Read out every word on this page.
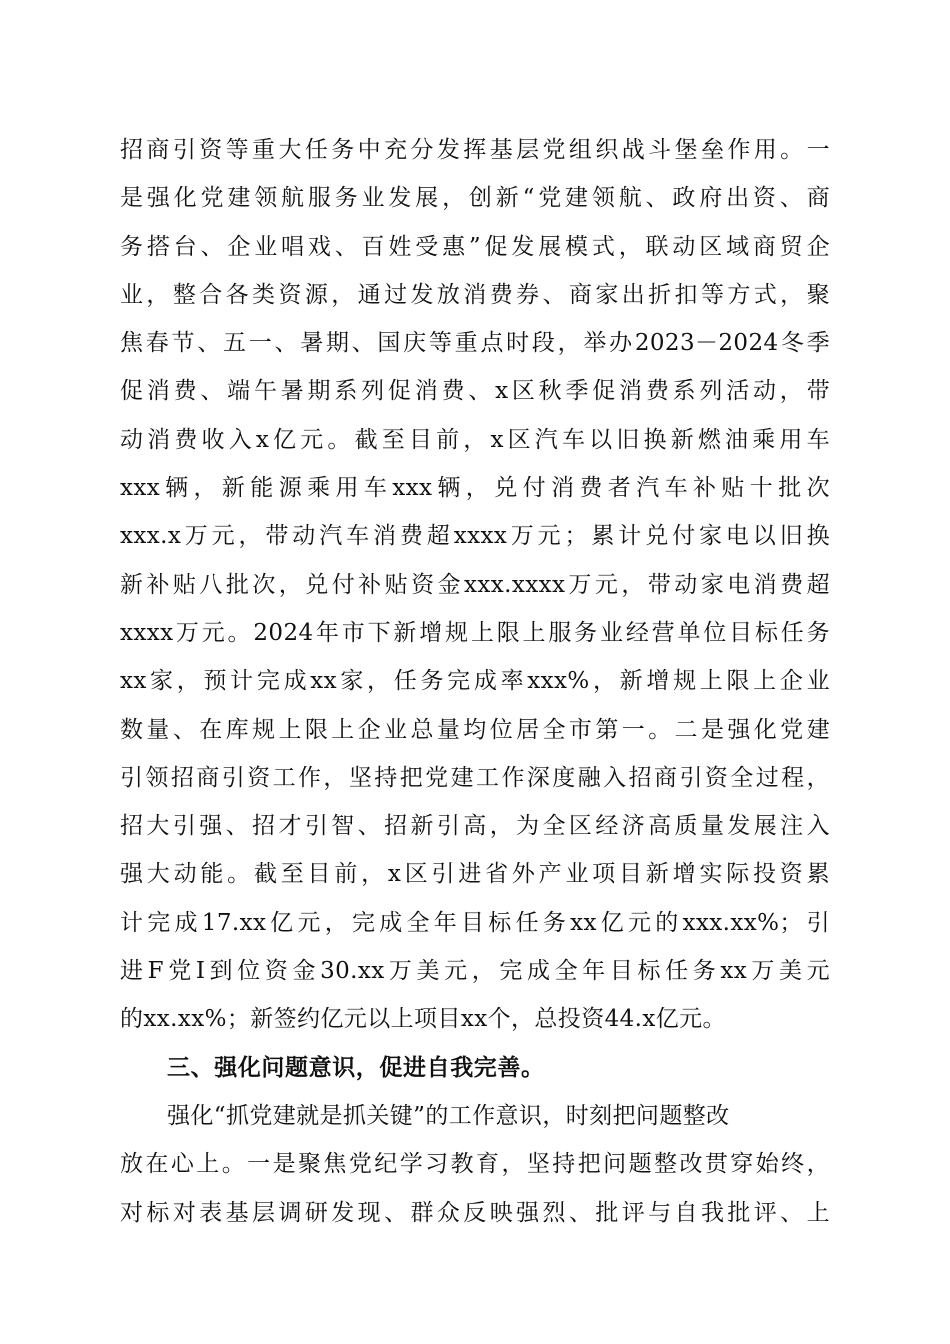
招商引资等重大任务中充分发挥基层党组织战斗堡垒作用。一
是强化党建领航服务业发展，创新“党建领航、政府出资、商
务搭台、企业唱戏、百姓受惠”促发展模式，联动区域商贸企
业，整合各类资源，通过发放消费券、商家出折扣等方式，聚
焦春节、五一、暑期、国庆等重点时段，举办2023－2024冬季
促消费、端午暑期系列促消费、x区秋季促消费系列活动，带
动消费收入x亿元。截至目前，x区汽车以旧换新燃油乘用车
xxx辆，新能源乘用车xxx辆，兑付消费者汽车补贴十批次
xxx.x万元，带动汽车消费超xxxx万元；累计兑付家电以旧换
新补贴八批次，兑付补贴资金xxx.xxxx万元，带动家电消费超
xxxx万元。2024年市下新增规上限上服务业经营单位目标任务
xx家，预计完成xx家，任务完成率xxx%，新增规上限上企业
数量、在库规上限上企业总量均位居全市第一。二是强化党建
引领招商引资工作，坚持把党建工作深度融入招商引资全过程，
招大引强、招才引智、招新引高，为全区经济高质量发展注入
强大动能。截至目前，x区引进省外产业项目新增实际投资累
计完成17.xx亿元，完成全年目标任务xx亿元的xxx.xx%；引
进F党I到位资金30.xx万美元，完成全年目标任务xx万美元
的xx.xx%；新签约亿元以上项目xx个，总投资44.x亿元。
三、强化问题意识，促进自我完善。
强化“抓党建就是抓关键”的工作意识，时刻把问题整改
放在心上。一是聚焦党纪学习教育，坚持把问题整改贯穿始终，
对标对表基层调研发现、群众反映强烈、批评与自我批评、上
